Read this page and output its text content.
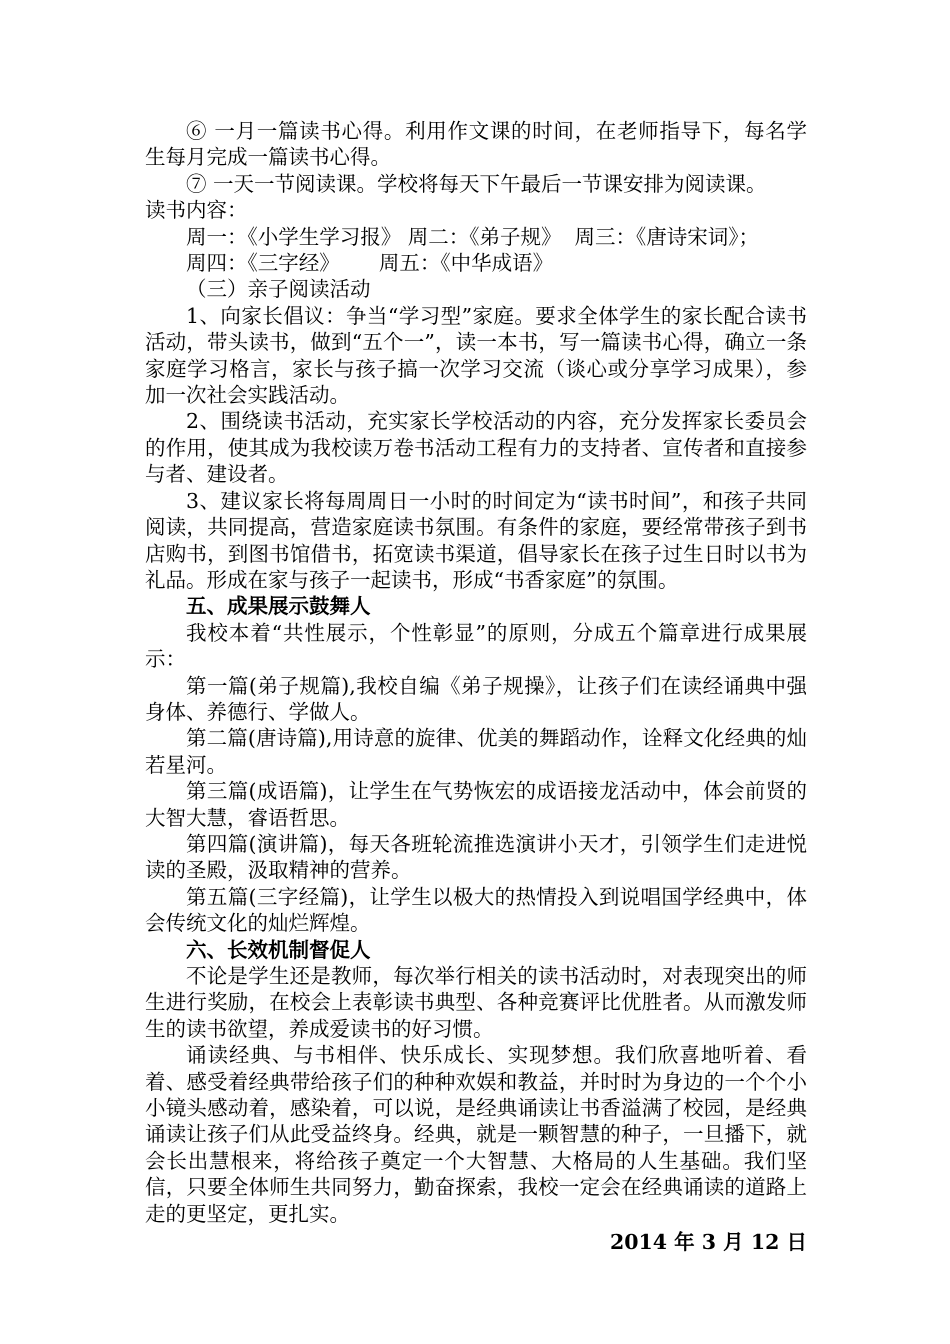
⑥ 一月一篇读书心得。利用作文课的时间，在老师指导下，每名学生每月完成一篇读书心得。

⑦ 一天一节阅读课。学校将每天下午最后一节课安排为阅读课。

读书内容：

周一：《小学生学习报》 周二：《弟子规》  周三：《唐诗宋词》；

周四：《三字经》      周五：《中华成语》

（三）亲子阅读活动

1、向家长倡议：争当“学习型”家庭。要求全体学生的家长配合读书活动，带头读书，做到“五个一”，读一本书，写一篇读书心得，确立一条家庭学习格言，家长与孩子搞一次学习交流（谈心或分享学习成果），参加一次社会实践活动。

2、围绕读书活动，充实家长学校活动的内容，充分发挥家长委员会的作用，使其成为我校读万卷书活动工程有力的支持者、宣传者和直接参与者、建设者。

3、建议家长将每周周日一小时的时间定为“读书时间”，和孩子共同阅读，共同提高，营造家庭读书氛围。有条件的家庭，要经常带孩子到书店购书，到图书馆借书，拓宽读书渠道，倡导家长在孩子过生日时以书为礼品。形成在家与孩子一起读书，形成“书香家庭”的氛围。

五、成果展示鼓舞人

我校本着“共性展示，个性彰显”的原则，分成五个篇章进行成果展示：

第一篇(弟子规篇),我校自编《弟子规操》，让孩子们在读经诵典中强身体、养德行、学做人。

第二篇(唐诗篇),用诗意的旋律、优美的舞蹈动作，诠释文化经典的灿若星河。

第三篇(成语篇)，让学生在气势恢宏的成语接龙活动中，体会前贤的大智大慧，睿语哲思。

第四篇(演讲篇)，每天各班轮流推选演讲小天才，引领学生们走进悦读的圣殿，汲取精神的营养。

第五篇(三字经篇)，让学生以极大的热情投入到说唱国学经典中，体会传统文化的灿烂辉煌。

六、长效机制督促人

不论是学生还是教师，每次举行相关的读书活动时，对表现突出的师生进行奖励，在校会上表彰读书典型、各种竞赛评比优胜者。从而激发师生的读书欲望，养成爱读书的好习惯。

诵读经典、与书相伴、快乐成长、实现梦想。我们欣喜地听着、看着、感受着经典带给孩子们的种种欢娱和教益，并时时为身边的一个个小小镜头感动着，感染着，可以说，是经典诵读让书香溢满了校园，是经典诵读让孩子们从此受益终身。经典，就是一颗智慧的种子，一旦播下，就会长出慧根来，将给孩子奠定一个大智慧、大格局的人生基础。我们坚信，只要全体师生共同努力，勤奋探索，我校一定会在经典诵读的道路上走的更坚定，更扎实。

2014 年 3 月 12 日
